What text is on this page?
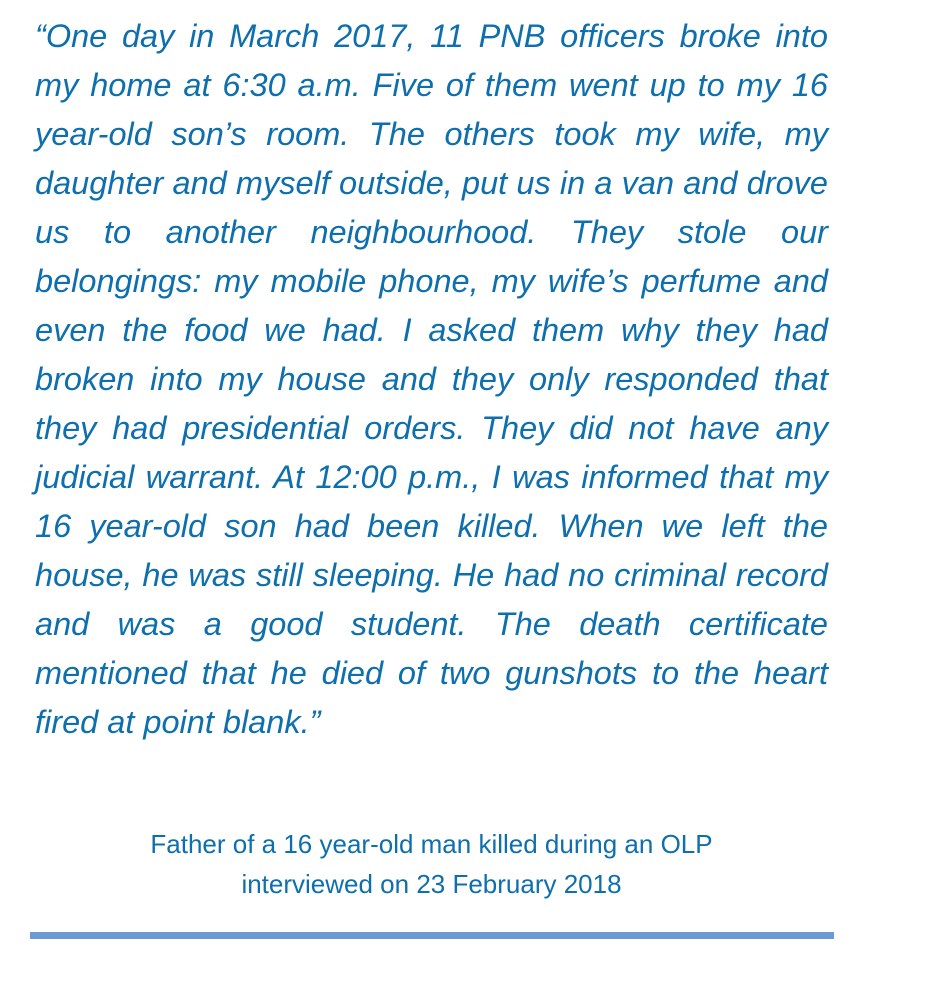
“One day in March 2017, 11 PNB officers broke into my home at 6:30 a.m. Five of them went up to my 16 year-old son’s room. The others took my wife, my daughter and myself outside, put us in a van and drove us to another neighbourhood. They stole our belongings: my mobile phone, my wife’s perfume and even the food we had. I asked them why they had broken into my house and they only responded that they had presidential orders. They did not have any judicial warrant. At 12:00 p.m., I was informed that my 16 year-old son had been killed. When we left the house, he was still sleeping. He had no criminal record and was a good student. The death certificate mentioned that he died of two gunshots to the heart fired at point blank.”

Father of a 16 year-old man killed during an OLP
interviewed on 23 February 2018
